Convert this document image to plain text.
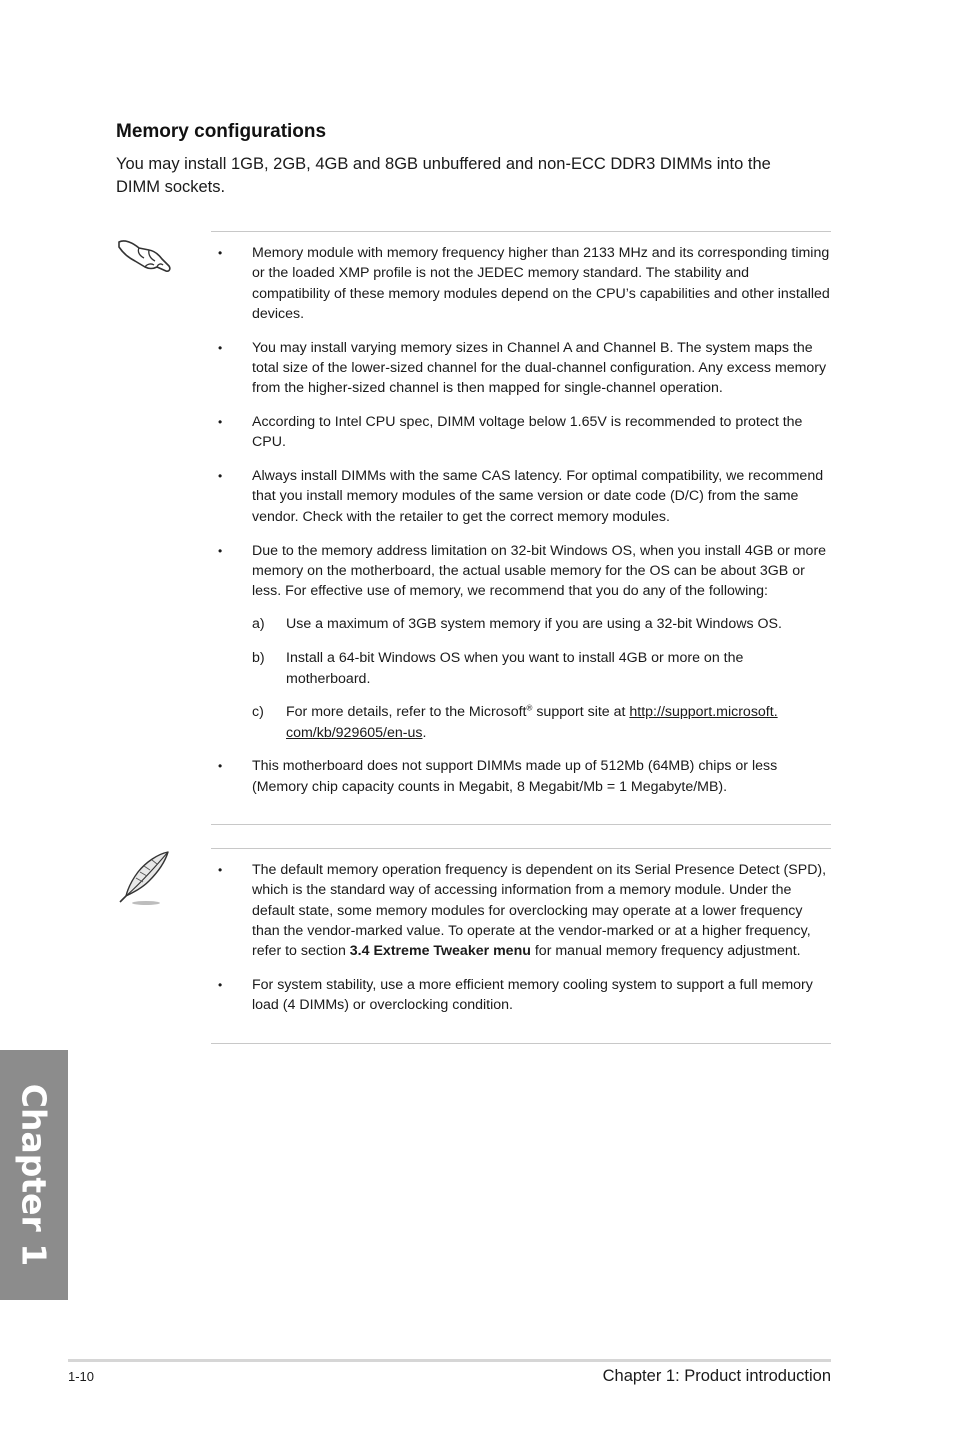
Memory configurations

You may install 1GB, 2GB, 4GB and 8GB unbuffered and non-ECC DDR3 DIMMs into the DIMM sockets.

• Memory module with memory frequency higher than 2133 MHz and its corresponding timing or the loaded XMP profile is not the JEDEC memory standard. The stability and compatibility of these memory modules depend on the CPU’s capabilities and other installed devices.
• You may install varying memory sizes in Channel A and Channel B. The system maps the total size of the lower-sized channel for the dual-channel configuration. Any excess memory from the higher-sized channel is then mapped for single-channel operation.
• According to Intel CPU spec, DIMM voltage below 1.65V is recommended to protect the CPU.
• Always install DIMMs with the same CAS latency. For optimal compatibility, we recommend that you install memory modules of the same version or date code (D/C) from the same vendor. Check with the retailer to get the correct memory modules.
• Due to the memory address limitation on 32-bit Windows OS, when you install 4GB or more memory on the motherboard, the actual usable memory for the OS can be about 3GB or less. For effective use of memory, we recommend that you do any of the following:
a) Use a maximum of 3GB system memory if you are using a 32-bit Windows OS.
b) Install a 64-bit Windows OS when you want to install 4GB or more on the motherboard.
c) For more details, refer to the Microsoft® support site at http://support.microsoft.
com/kb/929605/en-us.
• This motherboard does not support DIMMs made up of 512Mb (64MB) chips or less (Memory chip capacity counts in Megabit, 8 Megabit/Mb = 1 Megabyte/MB).
• The default memory operation frequency is dependent on its Serial Presence Detect (SPD), which is the standard way of accessing information from a memory module. Under the default state, some memory modules for overclocking may operate at a lower frequency than the vendor-marked value. To operate at the vendor-marked or at a higher frequency, refer to section 3.4 Extreme Tweaker menu for manual memory frequency adjustment.
• For system stability, use a more efficient memory cooling system to support a full memory load (4 DIMMs) or overclocking condition.
Chapter 1
1-10	Chapter 1: Product introduction
